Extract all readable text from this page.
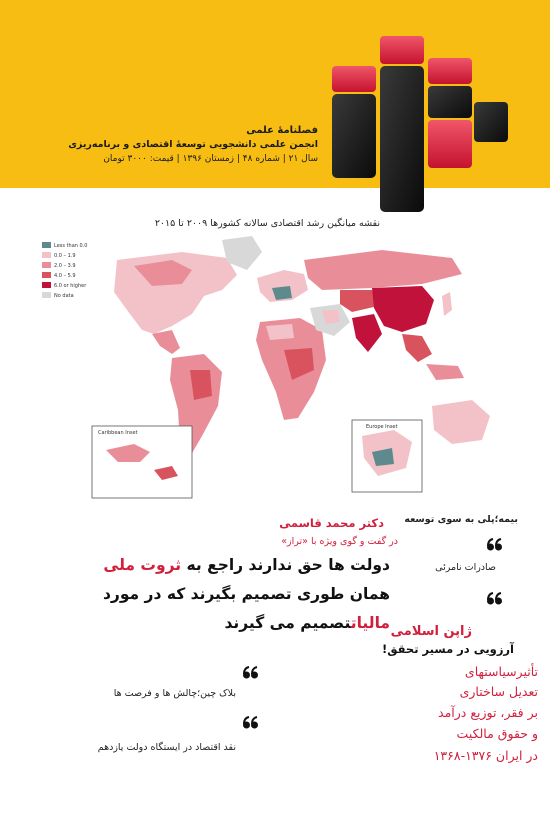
فصلنامهٔ علمی
انجمن علمی دانشجویی توسعهٔ اقتصادی و برنامه‌ریزی
سال ۲۱ | شماره ۴۸ | زمستان ۱۳۹۶ | قیمت: ۳۰۰۰ تومان
نقشه میانگین رشد اقتصادی سالانه کشورها ۲۰۰۹ تا ۲۰۱۵
Caribbean Inset
Europe Inset
Less than 0.0
0.0 – 1.9
2.0 – 3.9
4.0 – 5.9
6.0 or higher
No data
دکتر محمد قاسمی
در گفت و گوی ویژه با «تراز»
دولت ها حق ندارند راجع به ثروت ملی
همان طوری تصمیم بگیرند که در مورد
مالیاتتصمیم می گیرند
بلاک چین؛چالش ها و فرصت ها
نقد اقتصاد در ایستگاه دولت یازدهم
بیمه؛پلی به سوی توسعه
صادرات نامرئی
ژاپن اسلامی
آرزویی در مسیر تحقق!
تأثیرسیاستهای
تعدیل ساختاری
بر فقر، توزیع درآمد
و حقوق مالکیت
در ایران ۱۳۷۶-۱۳۶۸
